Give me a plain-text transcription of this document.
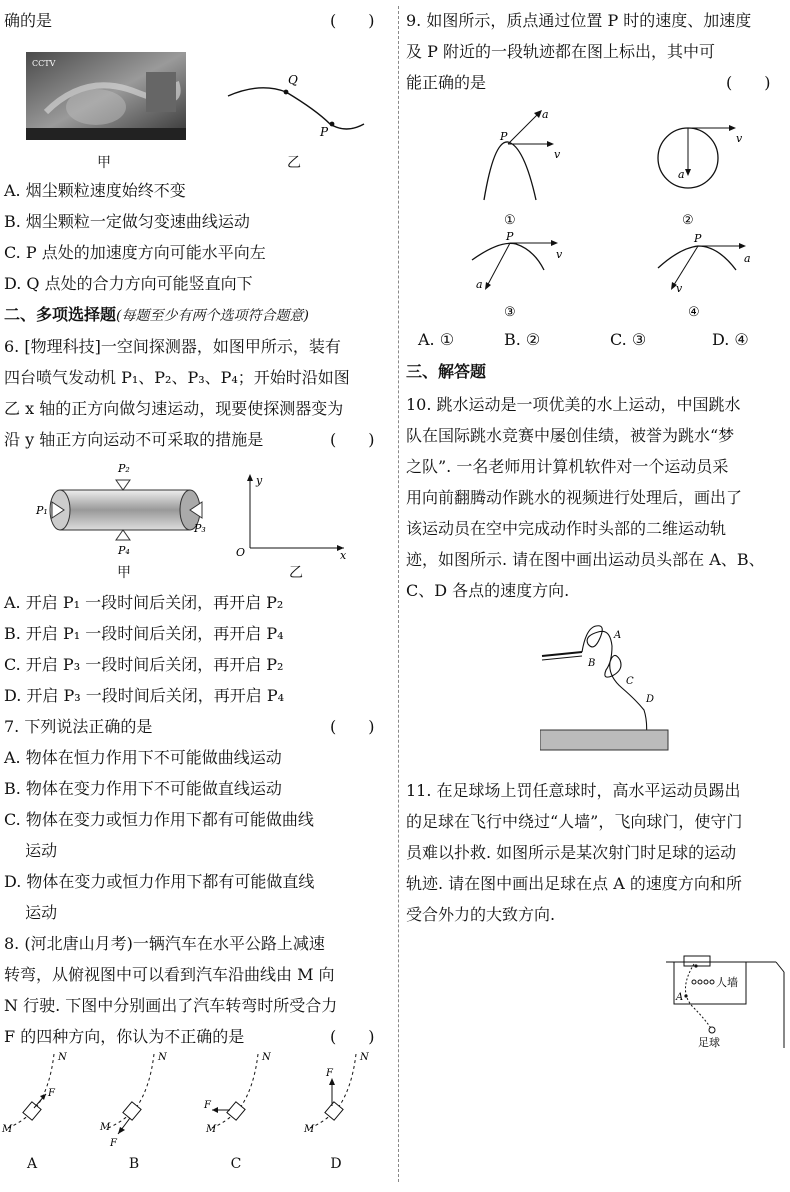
确的是	(　　)
CCTV
甲
Q
P
乙
A. 烟尘颗粒速度始终不变
B. 烟尘颗粒一定做匀变速曲线运动
C. P 点处的加速度方向可能水平向左
D. Q 点处的合力方向可能竖直向下
二、多项选择题(每题至少有两个选项符合题意)
6. [物理科技]一空间探测器，如图甲所示，装有
四台喷气发动机 P₁、P₂、P₃、P₄；开始时沿如图
乙 x 轴的正方向做匀速运动，现要使探测器变为
沿 y 轴正方向运动不可采取的措施是	(　　)
P₂
P₄
P₁
P₃
甲
O	x
y
乙
A. 开启 P₁ 一段时间后关闭，再开启 P₂
B. 开启 P₁ 一段时间后关闭，再开启 P₄
C. 开启 P₃ 一段时间后关闭，再开启 P₂
D. 开启 P₃ 一段时间后关闭，再开启 P₄
7. 下列说法正确的是	(　　)
A. 物体在恒力作用下不可能做曲线运动
B. 物体在变力作用下不可能做直线运动
C. 物体在变力或恒力作用下都有可能做曲线
　 运动
D. 物体在变力或恒力作用下都有可能做直线
　 运动
8. (河北唐山月考)一辆汽车在水平公路上减速
转弯，从俯视图中可以看到汽车沿曲线由 M 向
N 行驶. 下图中分别画出了汽车转弯时所受合力
F 的四种方向，你认为不正确的是	(　　)
N
M
F
N
M
F
N
M
F
N
M
F
A	B	C	D
9. 如图所示，质点通过位置 P 时的速度、加速度
及 P 附近的一段轨迹都在图上标出，其中可
能正确的是	(　　)
P
a
v
①
v
a
②
P
v
a
③
P
a
v
④
A. ①	B. ②	C. ③	D. ④
三、解答题
10. 跳水运动是一项优美的水上运动，中国跳水
队在国际跳水竞赛中屡创佳绩，被誉为跳水“梦
之队”. 一名老师用计算机软件对一个运动员采
用向前翻腾动作跳水的视频进行处理后，画出了
该运动员在空中完成动作时头部的二维运动轨
迹，如图所示. 请在图中画出运动员头部在 A、B、
C、D 各点的速度方向.
A
B
C
D
11. 在足球场上罚任意球时，高水平运动员踢出
的足球在飞行中绕过“人墙”，飞向球门，使守门
员难以扑救. 如图所示是某次射门时足球的运动
轨迹. 请在图中画出足球在点 A 的速度方向和所
受合外力的大致方向.
人墙
A
足球
